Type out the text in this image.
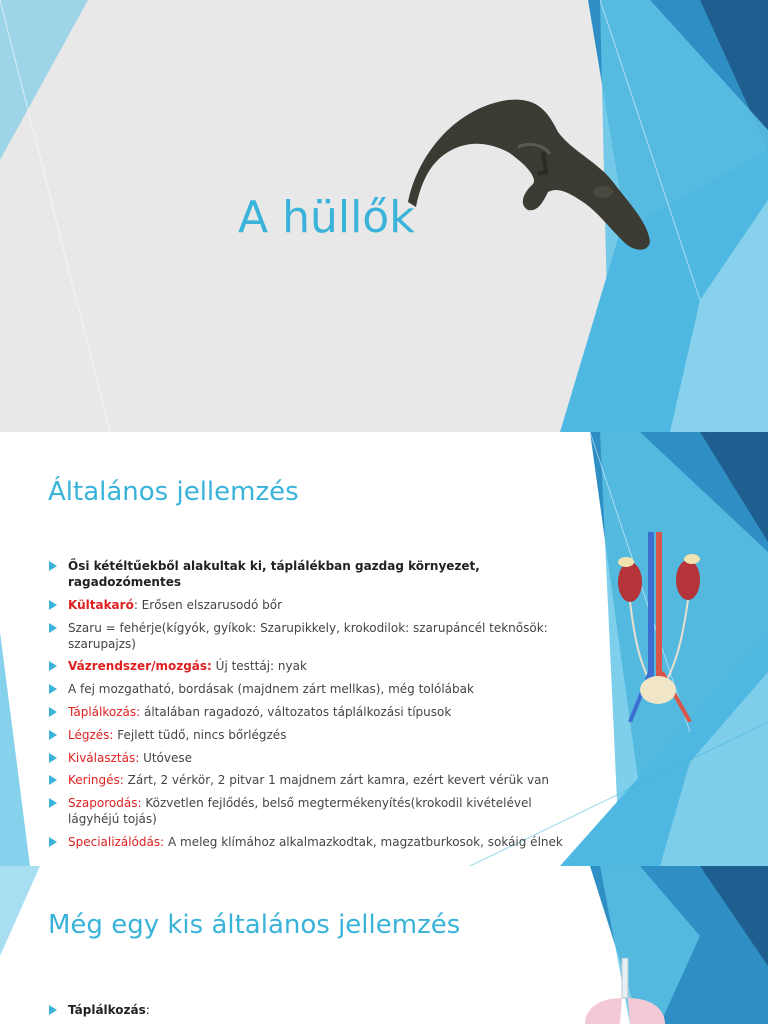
A hüllők	Gerincesek
Általános jellemzés
Ősi kétéltűekből alakultak ki, táplálékban gazdag környezet, ragadozómentes
Kültakaró: Erősen elszarusodó bőr
Szaru = fehérje(kígyók, gyíkok: Szarupikkely, krokodilok: szarupáncél teknősök: szarupajzs)
Vázrendszer/mozgás: Új testtáj: nyak
A fej mozgatható, bordásak (majdnem zárt mellkas), még tolólábak
Táplálkozás: általában ragadozó, változatos táplálkozási típusok
Légzés: Fejlett tüdő, nincs bőrlégzés
Kiválasztás: Utóvese
Keringés: Zárt, 2 vérkör, 2 pitvar 1 majdnem zárt kamra, ezért kevert vérük van
Szaporodás: Közvetlen fejlődés, belső megtermékenyítés(krokodil kivételével lágyhéjú tojás)
Specializálódás: A meleg klímához alkalmazkodtak, magzatburkosok, sokáig élnek
Még egy kis általános jellemzés
Táplálkozás:
